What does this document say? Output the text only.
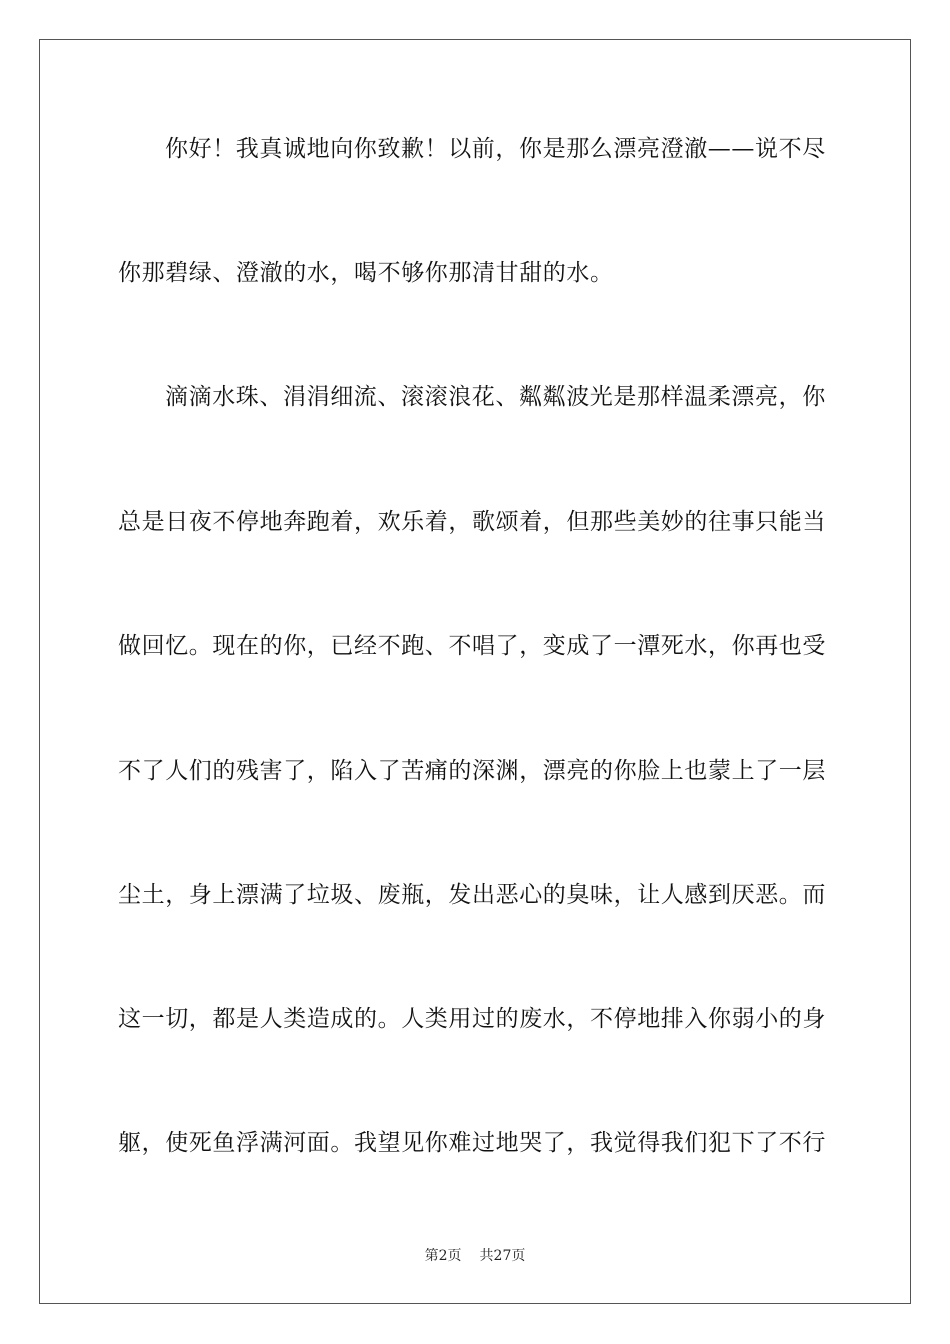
你好！我真诚地向你致歉！以前，你是那么漂亮澄澈——说不尽
你那碧绿、澄澈的水，喝不够你那清甘甜的水。
滴滴水珠、涓涓细流、滚滚浪花、粼粼波光是那样温柔漂亮，你
总是日夜不停地奔跑着，欢乐着，歌颂着，但那些美妙的往事只能当
做回忆。现在的你，已经不跑、不唱了，变成了一潭死水，你再也受
不了人们的残害了，陷入了苦痛的深渊，漂亮的你脸上也蒙上了一层
尘土，身上漂满了垃圾、废瓶，发出恶心的臭味，让人感到厌恶。而
这一切，都是人类造成的。人类用过的废水，不停地排入你弱小的身
躯，使死鱼浮满河面。我望见你难过地哭了，我觉得我们犯下了不行
第2页 共27页
